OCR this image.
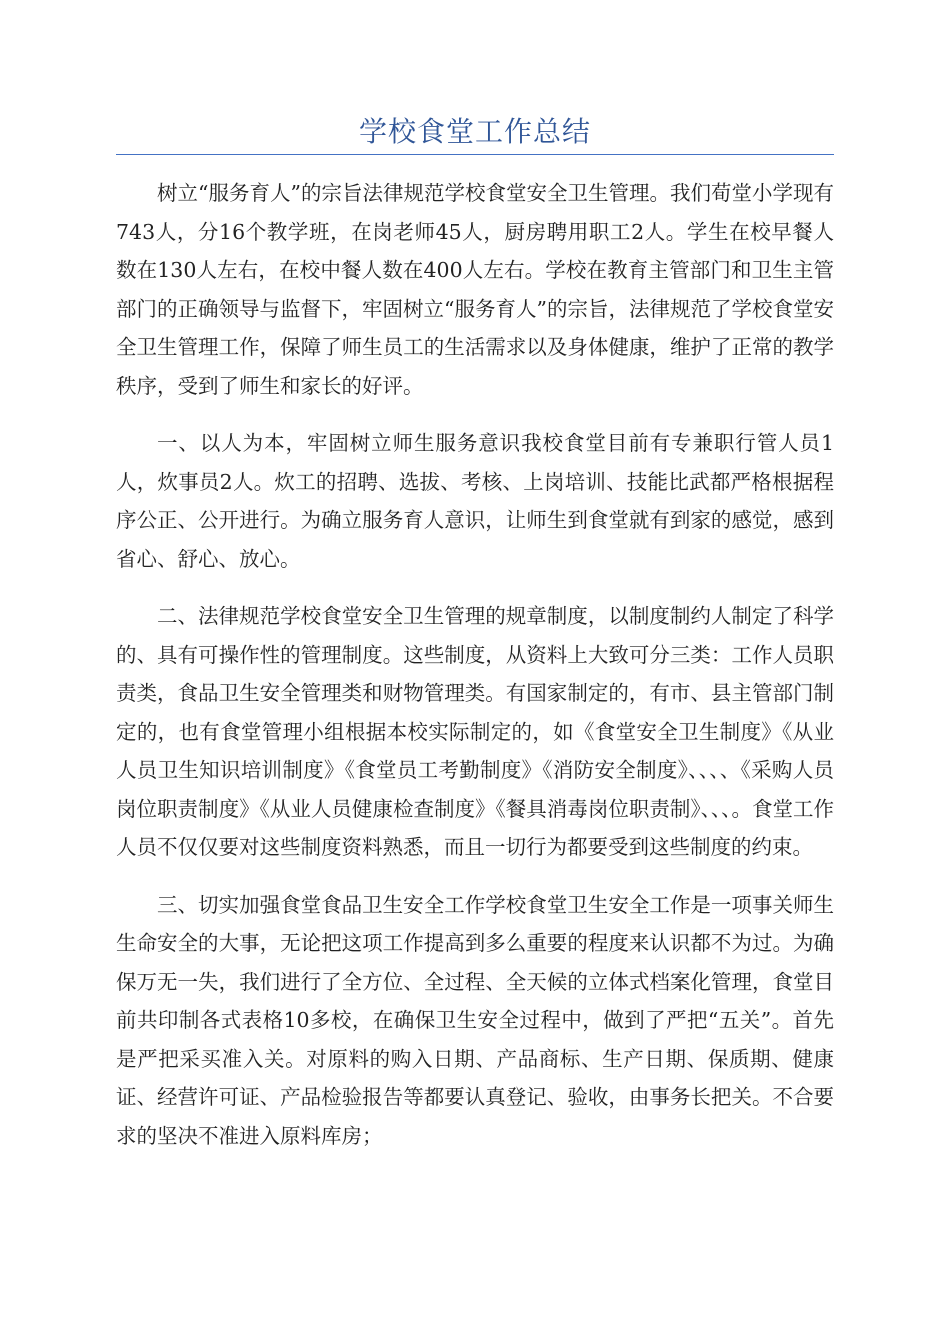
学校食堂工作总结

树立“服务育人”的宗旨法律规范学校食堂安全卫生管理。我们荀堂小学现有743人，分16个教学班，在岗老师45人，厨房聘用职工2人。学生在校早餐人数在130人左右，在校中餐人数在400人左右。学校在教育主管部门和卫生主管部门的正确领导与监督下，牢固树立“服务育人”的宗旨，法律规范了学校食堂安全卫生管理工作，保障了师生员工的生活需求以及身体健康，维护了正常的教学秩序，受到了师生和家长的好评。

一、以人为本，牢固树立师生服务意识我校食堂目前有专兼职行管人员1人，炊事员2人。炊工的招聘、选拔、考核、上岗培训、技能比武都严格根据程序公正、公开进行。为确立服务育人意识，让师生到食堂就有到家的感觉，感到省心、舒心、放心。

二、法律规范学校食堂安全卫生管理的规章制度，以制度制约人制定了科学的、具有可操作性的管理制度。这些制度，从资料上大致可分三类：工作人员职责类，食品卫生安全管理类和财物管理类。有国家制定的，有市、县主管部门制定的，也有食堂管理小组根据本校实际制定的，如《食堂安全卫生制度》《从业人员卫生知识培训制度》《食堂员工考勤制度》《消防安全制度》、、、、《采购人员岗位职责制度》《从业人员健康检查制度》《餐具消毒岗位职责制》、、、。食堂工作人员不仅仅要对这些制度资料熟悉，而且一切行为都要受到这些制度的约束。

三、切实加强食堂食品卫生安全工作学校食堂卫生安全工作是一项事关师生生命安全的大事，无论把这项工作提高到多么重要的程度来认识都不为过。为确保万无一失，我们进行了全方位、全过程、全天候的立体式档案化管理，食堂目前共印制各式表格10多校，在确保卫生安全过程中，做到了严把“五关”。首先是严把采买准入关。对原料的购入日期、产品商标、生产日期、保质期、健康证、经营许可证、产品检验报告等都要认真登记、验收，由事务长把关。不合要求的坚决不准进入原料库房；
